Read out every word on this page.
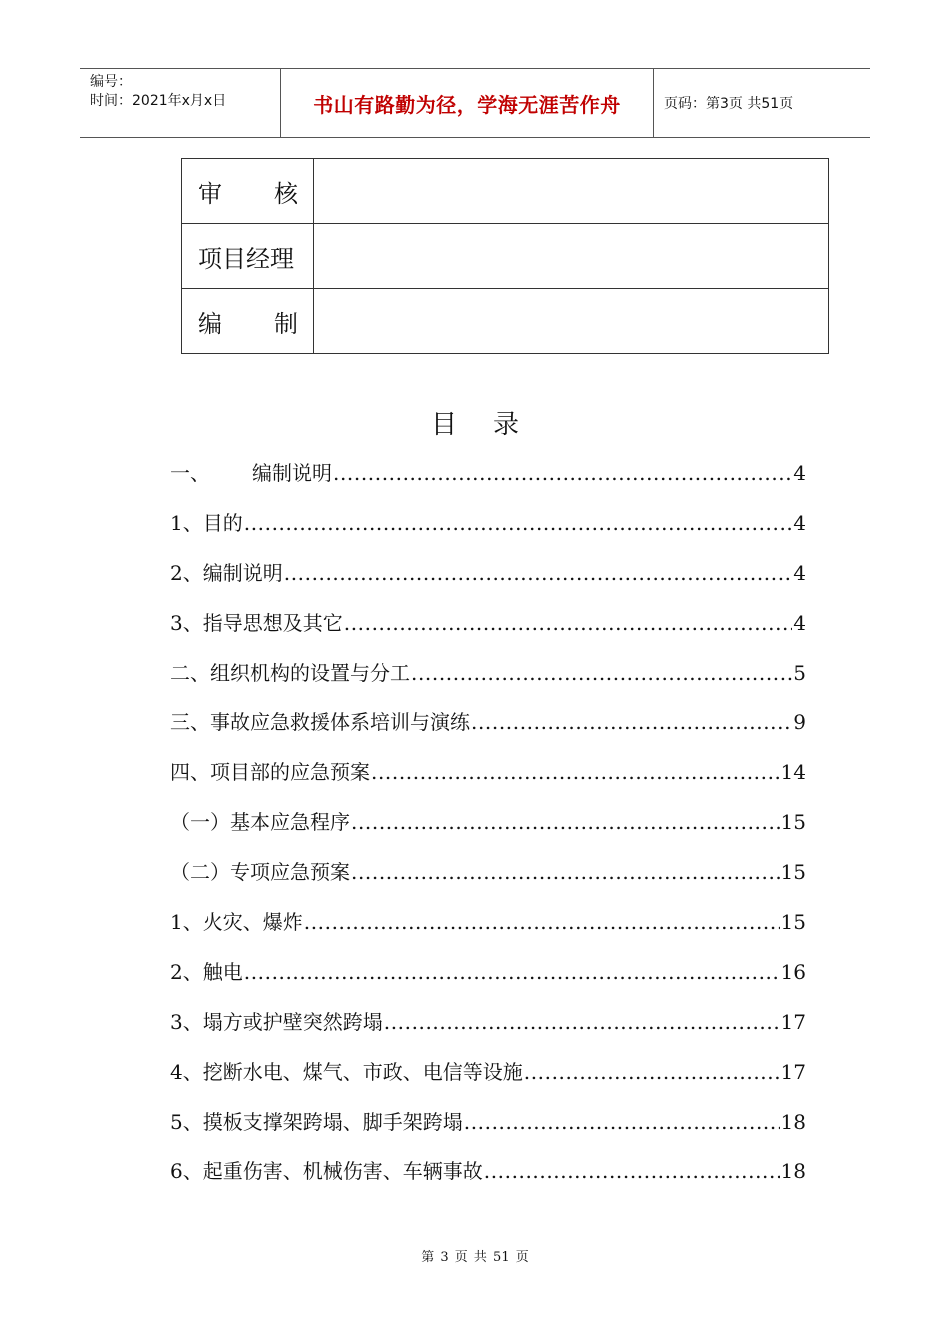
编号：
时间：2021年x月x日	书山有路勤为径，学海无涯苦作舟	页码：第3页 共51页
审 核	

项目经理	

编 制	

目录
一、 编制说明 .....	4
1、目的 .....	4
2、编制说明 .....	4
3、指导思想及其它 .....	4
二、组织机构的设置与分工 .....	5
三、事故应急救援体系培训与演练 .....	9
四、项目部的应急预案 .....	14
（一）基本应急程序 .....	15
（二）专项应急预案 .....	15
1、火灾、爆炸 .....	15
2、触电 .....	16
3、塌方或护壁突然跨塌 .....	17
4、挖断水电、煤气、市政、电信等设施 .....	17
5、摸板支撑架跨塌、脚手架跨塌 .....	18
6、起重伤害、机械伤害、车辆事故 .....	18
第 3 页 共 51 页
